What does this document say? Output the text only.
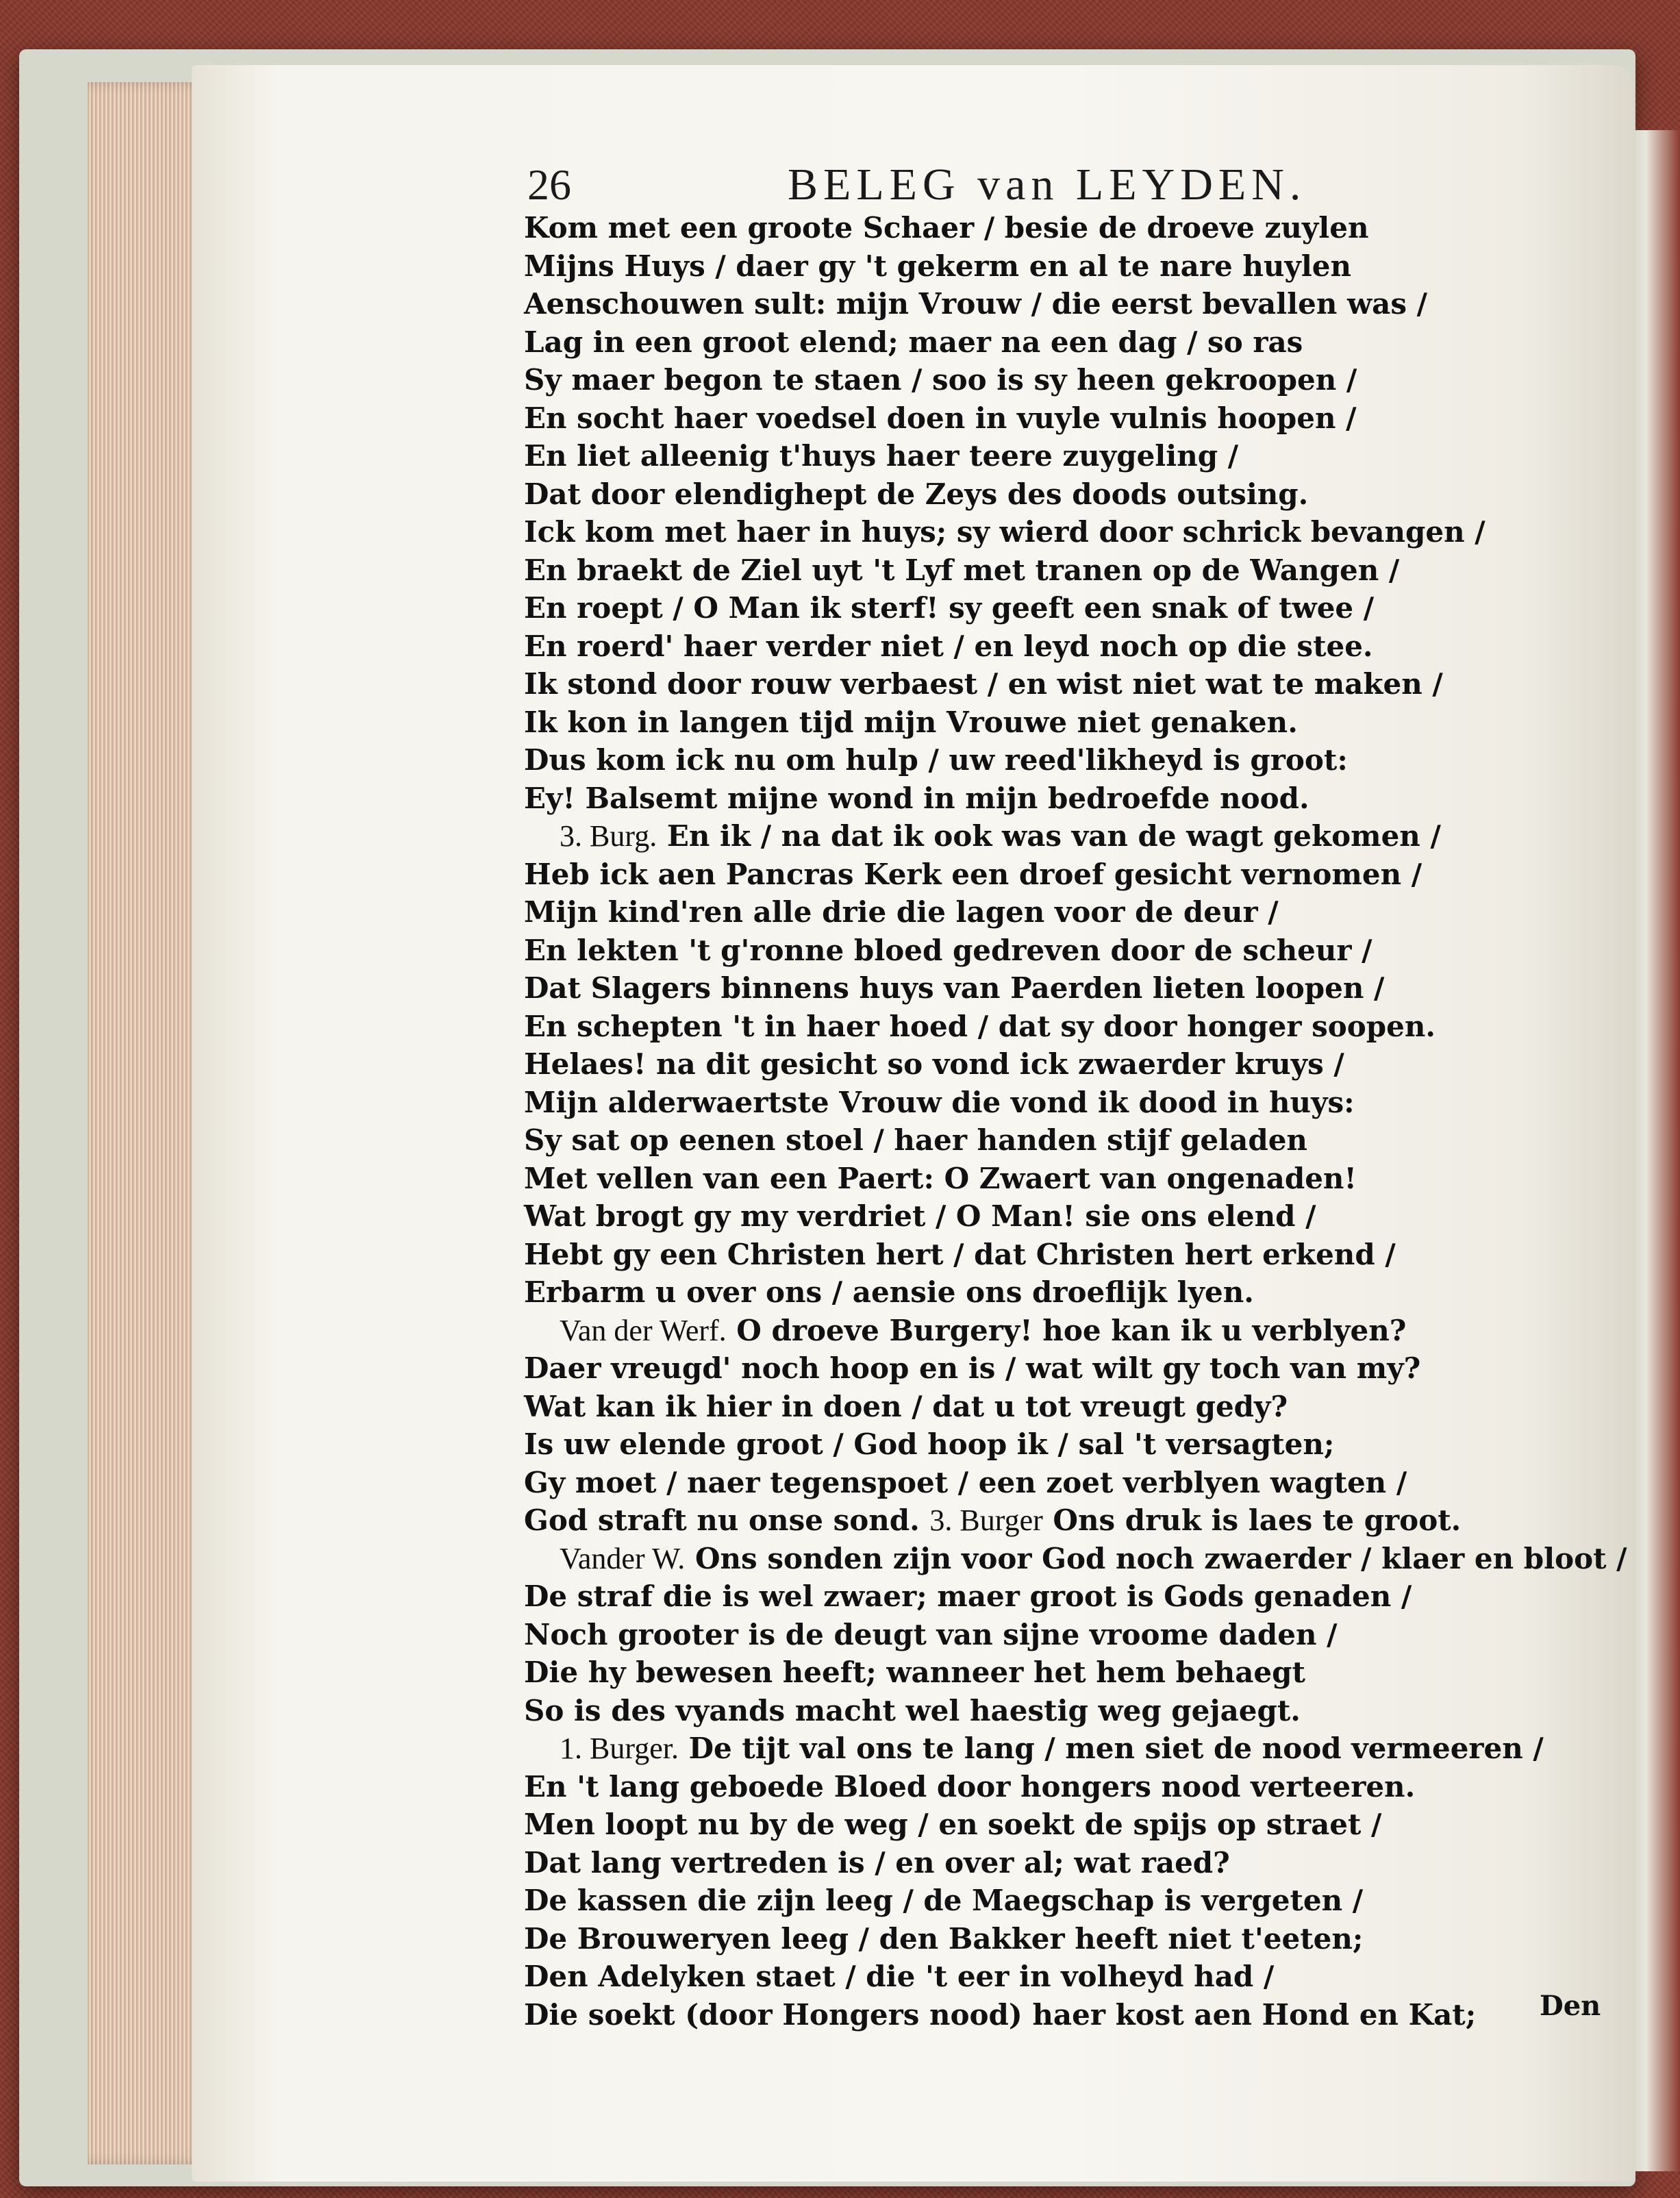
26	BELEG van LEYDEN.
Kom met een groote Schaer / besie de droeve zuylen
Mijns Huys / daer gy 't gekerm en al te nare huylen
Aenschouwen sult: mijn Vrouw / die eerst bevallen was /
Lag in een groot elend; maer na een dag / so ras
Sy maer begon te staen / soo is sy heen gekroopen /
En socht haer voedsel doen in vuyle vulnis hoopen /
En liet alleenig t'huys haer teere zuygeling /
Dat door elendighept de Zeys des doods outsing.
Ick kom met haer in huys; sy wierd door schrick bevangen /
En braekt de Ziel uyt 't Lyf met tranen op de Wangen /
En roept / O Man ik sterf! sy geeft een snak of twee /
En roerd' haer verder niet / en leyd noch op die stee.
Ik stond door rouw verbaest / en wist niet wat te maken /
Ik kon in langen tijd mijn Vrouwe niet genaken.
Dus kom ick nu om hulp / uw reed'likheyd is groot:
Ey! Balsemt mijne wond in mijn bedroefde nood.
3. Burg. En ik / na dat ik ook was van de wagt gekomen /
Heb ick aen Pancras Kerk een droef gesicht vernomen /
Mijn kind'ren alle drie die lagen voor de deur /
En lekten 't g'ronne bloed gedreven door de scheur /
Dat Slagers binnens huys van Paerden lieten loopen /
En schepten 't in haer hoed / dat sy door honger soopen.
Helaes! na dit gesicht so vond ick zwaerder kruys /
Mijn alderwaertste Vrouw die vond ik dood in huys:
Sy sat op eenen stoel / haer handen stijf geladen
Met vellen van een Paert: O Zwaert van ongenaden!
Wat brogt gy my verdriet / O Man! sie ons elend /
Hebt gy een Christen hert / dat Christen hert erkend /
Erbarm u over ons / aensie ons droeflijk lyen.
Van der Werf. O droeve Burgery! hoe kan ik u verblyen?
Daer vreugd' noch hoop en is / wat wilt gy toch van my?
Wat kan ik hier in doen / dat u tot vreugt gedy?
Is uw elende groot / God hoop ik / sal 't versagten;
Gy moet / naer tegenspoet / een zoet verblyen wagten /
God straft nu onse sond. 3. Burger Ons druk is laes te groot.
Vander W. Ons sonden zijn voor God noch zwaerder / klaer en bloot /
De straf die is wel zwaer; maer groot is Gods genaden /
Noch grooter is de deugt van sijne vroome daden /
Die hy bewesen heeft; wanneer het hem behaegt
So is des vyands macht wel haestig weg gejaegt.
1. Burger. De tijt val ons te lang / men siet de nood vermeeren /
En 't lang geboede Bloed door hongers nood verteeren.
Men loopt nu by de weg / en soekt de spijs op straet /
Dat lang vertreden is / en over al; wat raed?
De kassen die zijn leeg / de Maegschap is vergeten /
De Brouweryen leeg / den Bakker heeft niet t'eeten;
Den Adelyken staet / die 't eer in volheyd had /
Die soekt (door Hongers nood) haer kost aen Hond en Kat;	Den
